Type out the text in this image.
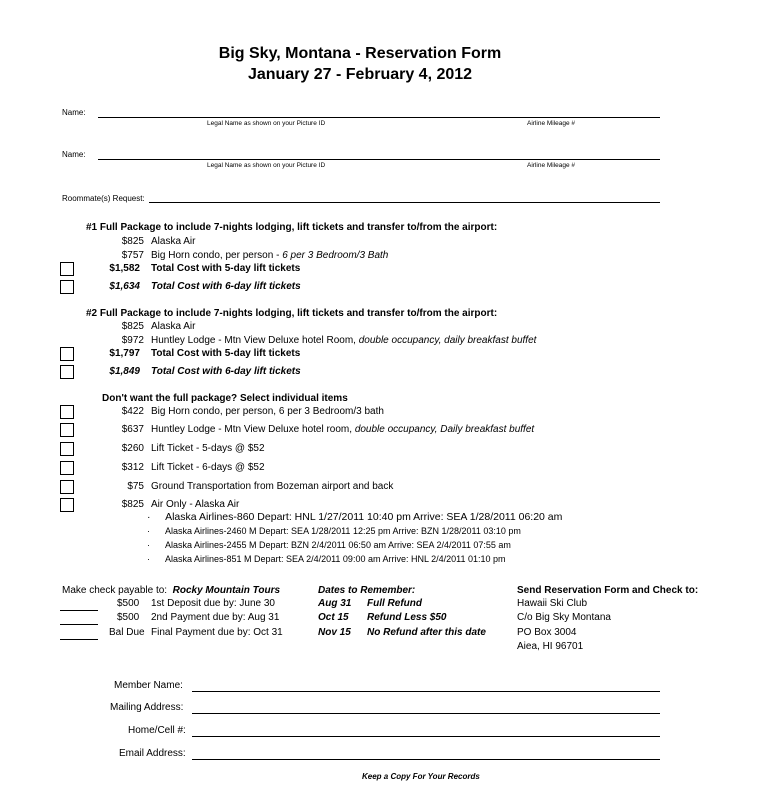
Big Sky, Montana - Reservation Form
January 27 - February 4, 2012
Name:
Legal Name as shown on your Picture ID	Airline Mileage #
Name:
Legal Name as shown on your Picture ID	Airline Mileage #
Roommate(s) Request:
#1 Full Package to include 7-nights lodging, lift tickets and transfer to/from the airport:
$825 Alaska Air
$757 Big Horn condo, per person - 6 per 3 Bedroom/3 Bath
$1,582 Total Cost with 5-day lift tickets
$1,634 Total Cost with 6-day lift tickets
#2 Full Package to include 7-nights lodging, lift tickets and transfer to/from the airport:
$825 Alaska Air
$972 Huntley Lodge - Mtn View Deluxe hotel Room, double occupancy, daily breakfast buffet
$1,797 Total Cost with 5-day lift tickets
$1,849 Total Cost with 6-day lift tickets
Don't want the full package? Select individual items
$422 Big Horn condo, per person, 6 per 3 Bedroom/3 bath
$637 Huntley Lodge - Mtn View Deluxe hotel room, double occupancy, Daily breakfast buffet
$260 Lift Ticket - 5-days @ $52
$312 Lift Ticket - 6-days @ $52
$75 Ground Transportation from Bozeman airport and back
$825 Air Only - Alaska Air
·     Alaska Airlines-860 Depart: HNL 1/27/2011 10:40 pm Arrive: SEA 1/28/2011 06:20 am
·      Alaska Airlines-2460 M Depart: SEA 1/28/2011 12:25 pm Arrive: BZN 1/28/2011 03:10 pm
·      Alaska Airlines-2455 M Depart: BZN 2/4/2011 06:50 am Arrive: SEA 2/4/2011 07:55 am
·      Alaska Airlines-851 M Depart: SEA 2/4/2011 09:00 am Arrive: HNL 2/4/2011 01:10 pm
Make check payable to: Rocky Mountain Tours
$500 1st Deposit due by: June 30
$500 2nd Payment due by: Aug 31
Bal Due Final Payment due by: Oct 31
Dates to Remember:
Aug 31 Full Refund
Oct 15 Refund Less $50
Nov 15 No Refund after this date
Send Reservation Form and Check to:
Hawaii Ski Club
C/o Big Sky Montana
PO Box 3004
Aiea, HI 96701
Member Name:
Mailing Address:
Home/Cell #:
Email Address:
Keep a Copy For Your Records
